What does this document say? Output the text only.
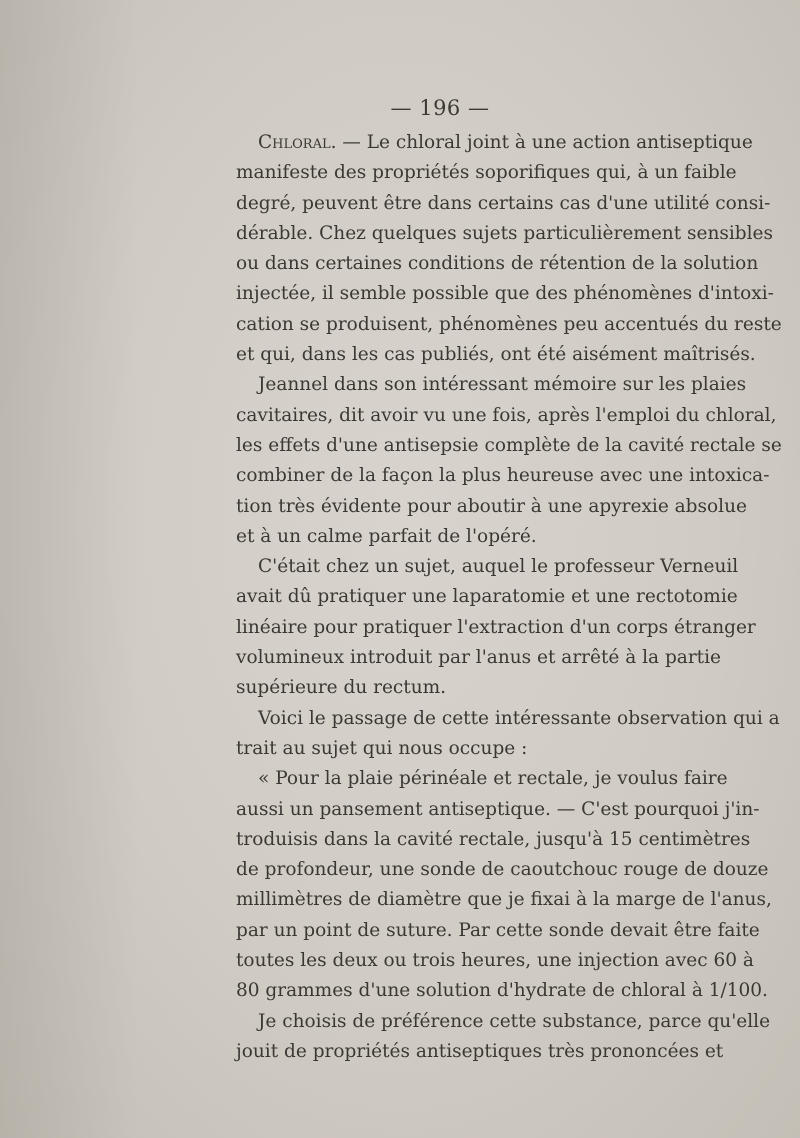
— 196 —
Chloral. — Le chloral joint à une action antiseptique
manifeste des propriétés soporifiques qui, à un faible
degré, peuvent être dans certains cas d'une utilité consi-
dérable. Chez quelques sujets particulièrement sensibles
ou dans certaines conditions de rétention de la solution
injectée, il semble possible que des phénomènes d'intoxi-
cation se produisent, phénomènes peu accentués du reste
et qui, dans les cas publiés, ont été aisément maîtrisés.
Jeannel dans son intéressant mémoire sur les plaies
cavitaires, dit avoir vu une fois, après l'emploi du chloral,
les effets d'une antisepsie complète de la cavité rectale se
combiner de la façon la plus heureuse avec une intoxica-
tion très évidente pour aboutir à une apyrexie absolue
et à un calme parfait de l'opéré.
C'était chez un sujet, auquel le professeur Verneuil
avait dû pratiquer une laparatomie et une rectotomie
linéaire pour pratiquer l'extraction d'un corps étranger
volumineux introduit par l'anus et arrêté à la partie
supérieure du rectum.
Voici le passage de cette intéressante observation qui a
trait au sujet qui nous occupe :
« Pour la plaie périnéale et rectale, je voulus faire
aussi un pansement antiseptique. — C'est pourquoi j'in-
troduisis dans la cavité rectale, jusqu'à 15 centimètres
de profondeur, une sonde de caoutchouc rouge de douze
millimètres de diamètre que je fixai à la marge de l'anus,
par un point de suture. Par cette sonde devait être faite
toutes les deux ou trois heures, une injection avec 60 à
80 grammes d'une solution d'hydrate de chloral à 1/100.
Je choisis de préférence cette substance, parce qu'elle
jouit de propriétés antiseptiques très prononcées et
